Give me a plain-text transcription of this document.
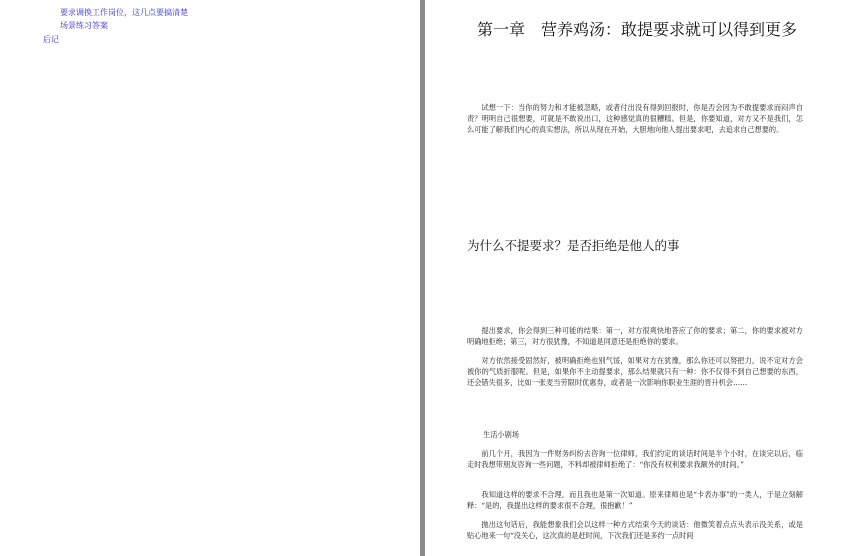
要求调换工作岗位，这几点要搞清楚
场景练习答案
后记
第一章　营养鸡汤：敢提要求就可以得到更多

试想一下：当你的努力和才能被忽略，或者付出没有得到回报时，你是否会因为不敢提要求而闷声自责？明明自己很想要，可就是不敢说出口，这种感觉真的很糟糕。但是，你要知道，对方又不是我们，怎么可能了解我们内心的真实想法，所以从现在开始，大胆地向他人提出要求吧，去追求自己想要的。

为什么不提要求？是否拒绝是他人的事

提出要求，你会得到三种可能的结果：第一，对方很爽快地答应了你的要求；第二，你的要求被对方明确地拒绝；第三，对方很犹豫，不知道是同意还是拒绝你的要求。

对方依然接受固然好，被明确拒绝也别气馁，如果对方在犹豫，那么你还可以努把力，说不定对方会被你的气质折服呢。但是，如果你不主动提要求，那么结果就只有一种：你不仅得不到自己想要的东西，还会错失很多，比如一张麦当劳限时优惠券，或者是一次影响你职业生涯的晋升机会……

生活小剧场

前几个月，我因为一件财务纠纷去咨询一位律师，我们约定的谈话时间是半个小时，在谈完以后，临走时我想带朋友咨询一些问题，不料却被律师拒绝了：“你没有权利要求我额外的时间。”

我知道这样的要求不合理，而且我也是第一次知道。原来律师也是“卡表办事”的一类人，于是立刻解释：“是的，我提出这样的要求很不合理，很抱歉！”

抛出这句话后，我能想象我们会以这样一种方式结束今天的谈话：他微笑着点点头表示没关系，或是贴心地来一句“没关心，这次真的是赶时间，下次我们还是多约一点时间
